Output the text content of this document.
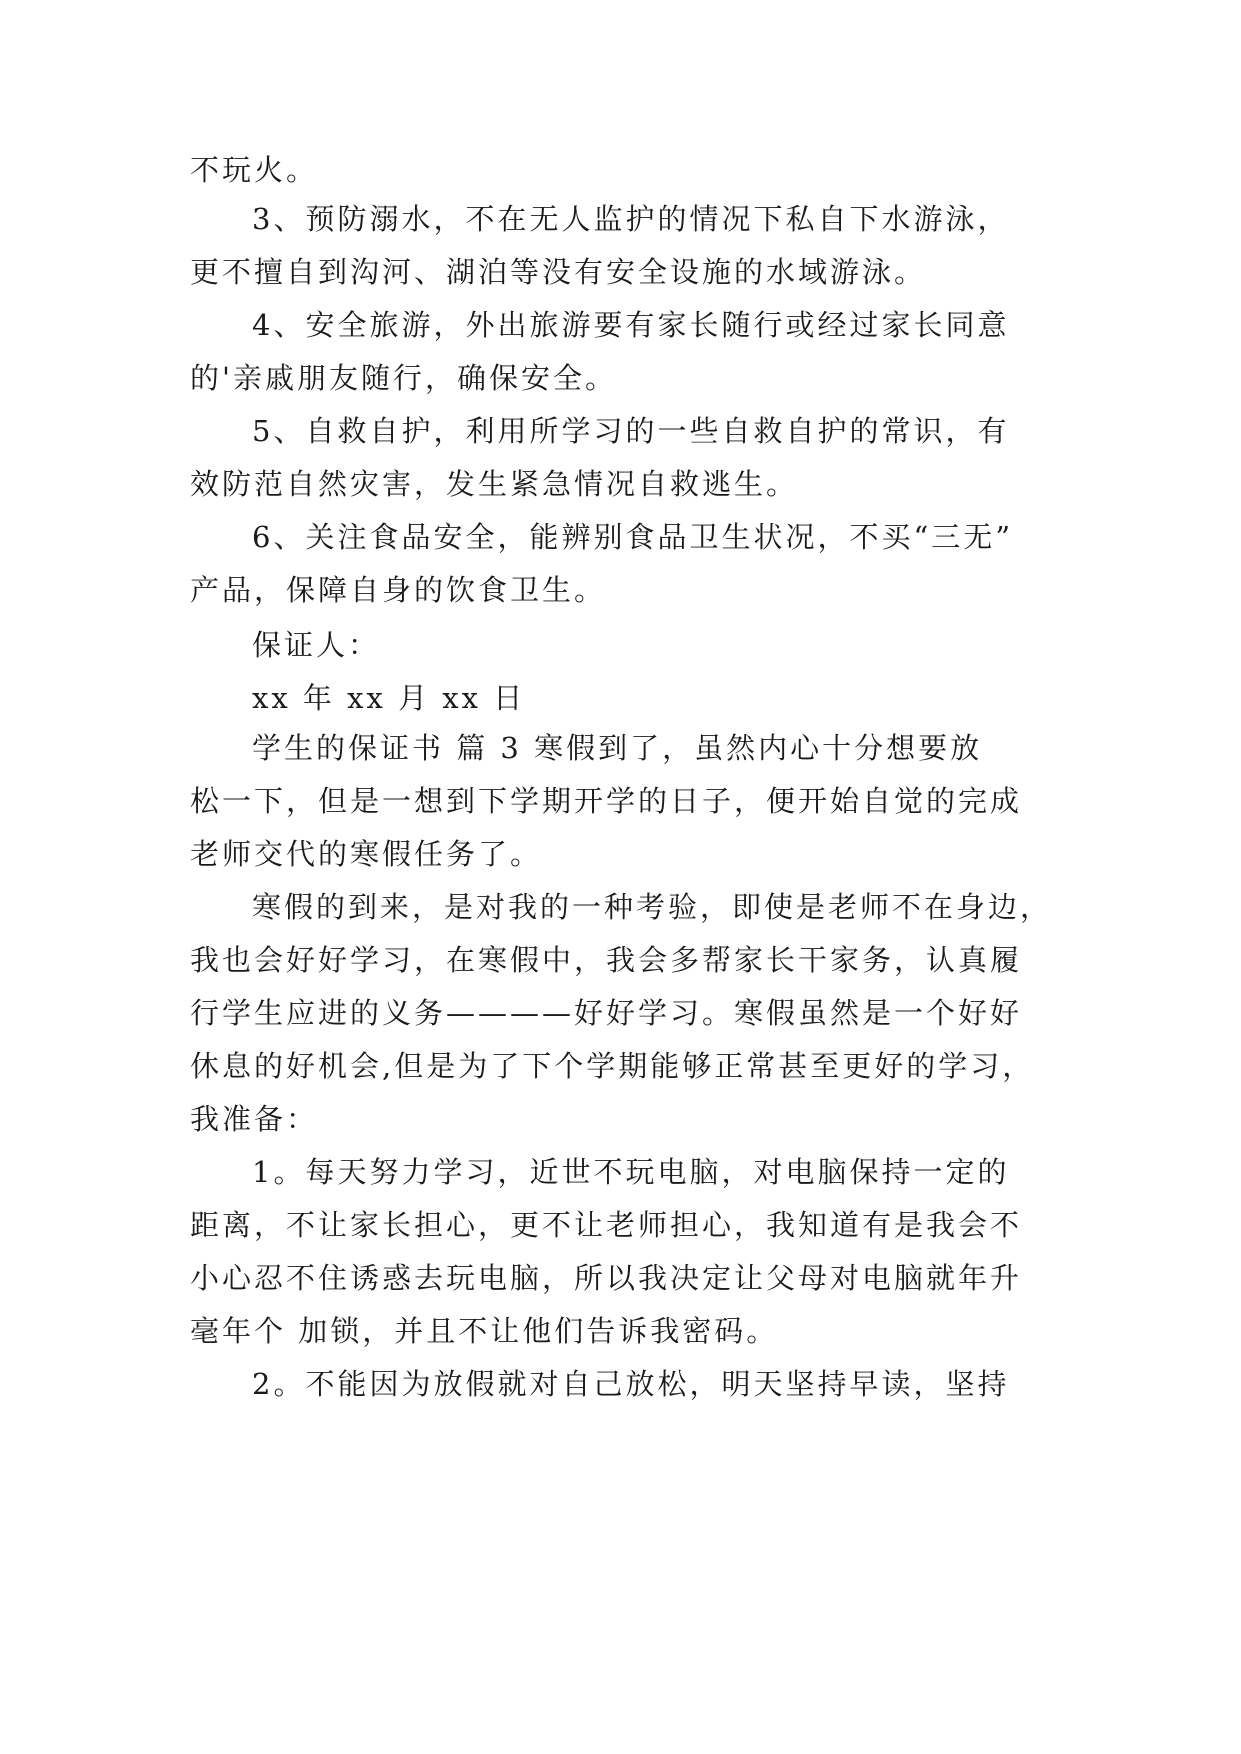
不玩火。
3、预防溺水，不在无人监护的情况下私自下水游泳，
更不擅自到沟河、湖泊等没有安全设施的水域游泳。
4、安全旅游，外出旅游要有家长随行或经过家长同意
的'亲戚朋友随行，确保安全。
5、自救自护，利用所学习的一些自救自护的常识，有
效防范自然灾害，发生紧急情况自救逃生。
6、关注食品安全，能辨别食品卫生状况，不买“三无”
产品，保障自身的饮食卫生。
保证人：
xx 年 xx 月 xx 日
学生的保证书 篇 3 寒假到了，虽然内心十分想要放
松一下，但是一想到下学期开学的日子，便开始自觉的完成
老师交代的寒假任务了。
寒假的到来，是对我的一种考验，即使是老师不在身边，
我也会好好学习，在寒假中，我会多帮家长干家务，认真履
行学生应进的义务————好好学习。寒假虽然是一个好好
休息的好机会,但是为了下个学期能够正常甚至更好的学习，
我准备：
1。每天努力学习，近世不玩电脑，对电脑保持一定的
距离，不让家长担心，更不让老师担心，我知道有是我会不
小心忍不住诱惑去玩电脑，所以我决定让父母对电脑就年升
毫年个 加锁，并且不让他们告诉我密码。
2。不能因为放假就对自己放松，明天坚持早读，坚持
